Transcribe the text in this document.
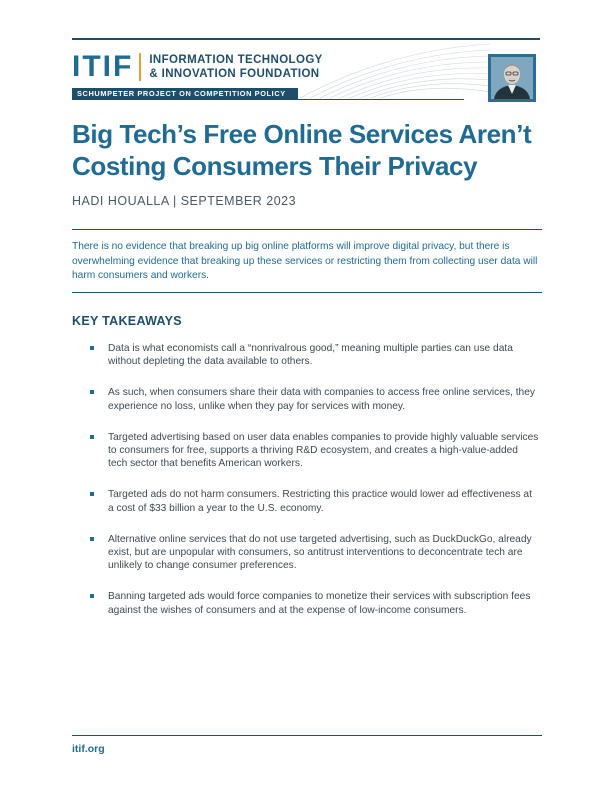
ITIF INFORMATION TECHNOLOGY
& INNOVATION FOUNDATION
SCHUMPETER PROJECT ON COMPETITION POLICY
Big Tech’s Free Online Services Aren’t Costing Consumers Their Privacy
HADI HOUALLA | SEPTEMBER 2023

There is no evidence that breaking up big online platforms will improve digital privacy, but there is overwhelming evidence that breaking up these services or restricting them from collecting user data will harm consumers and workers.

KEY TAKEAWAYS
Data is what economists call a “nonrivalrous good,” meaning multiple parties can use data without depleting the data available to others.
As such, when consumers share their data with companies to access free online services, they experience no loss, unlike when they pay for services with money.
Targeted advertising based on user data enables companies to provide highly valuable services to consumers for free, supports a thriving R&D ecosystem, and creates a high-value-added tech sector that benefits American workers.
Targeted ads do not harm consumers. Restricting this practice would lower ad effectiveness at a cost of $33 billion a year to the U.S. economy.
Alternative online services that do not use targeted advertising, such as DuckDuckGo, already exist, but are unpopular with consumers, so antitrust interventions to deconcentrate tech are unlikely to change consumer preferences.
Banning targeted ads would force companies to monetize their services with subscription fees against the wishes of consumers and at the expense of low-income consumers.
itif.org
